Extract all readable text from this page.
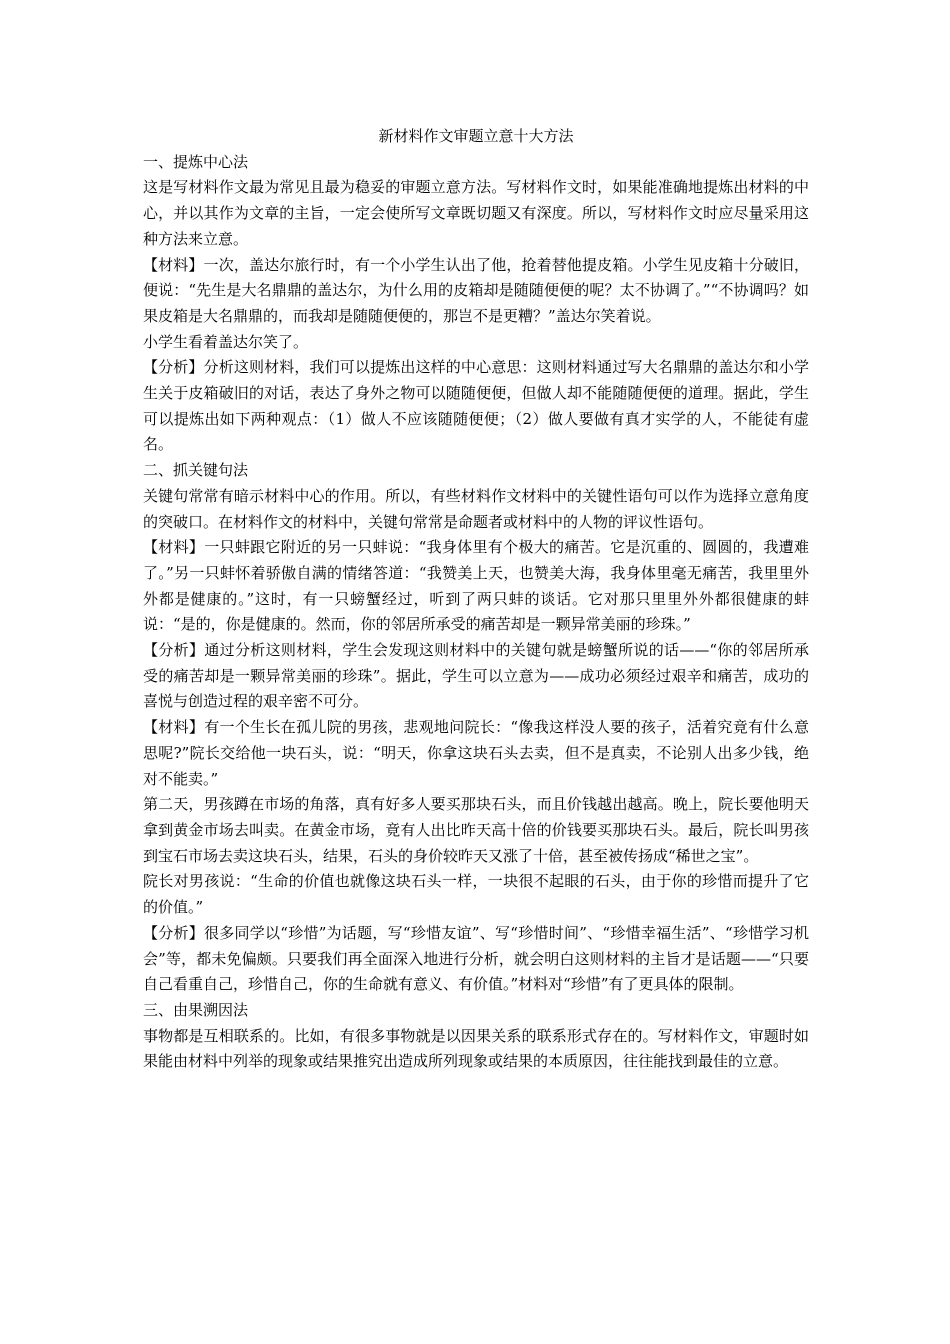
新材料作文审题立意十大方法
一、提炼中心法

这是写材料作文最为常见且最为稳妥的审题立意方法。写材料作文时，如果能准确地提炼出材料的中心，并以其作为文章的主旨，一定会使所写文章既切题又有深度。所以，写材料作文时应尽量采用这种方法来立意。

【材料】一次，盖达尔旅行时，有一个小学生认出了他，抢着替他提皮箱。小学生见皮箱十分破旧，便说：“先生是大名鼎鼎的盖达尔，为什么用的皮箱却是随随便便的呢？太不协调了。”“不协调吗？如果皮箱是大名鼎鼎的，而我却是随随便便的，那岂不是更糟？”盖达尔笑着说。

小学生看着盖达尔笑了。

【分析】分析这则材料，我们可以提炼出这样的中心意思：这则材料通过写大名鼎鼎的盖达尔和小学生关于皮箱破旧的对话，表达了身外之物可以随随便便，但做人却不能随随便便的道理。据此，学生可以提炼出如下两种观点：（1）做人不应该随随便便；（2）做人要做有真才实学的人，不能徒有虚名。

二、抓关键句法

关键句常常有暗示材料中心的作用。所以，有些材料作文材料中的关键性语句可以作为选择立意角度的突破口。在材料作文的材料中，关键句常常是命题者或材料中的人物的评议性语句。

【材料】一只蚌跟它附近的另一只蚌说：“我身体里有个极大的痛苦。它是沉重的、圆圆的，我遭难了。”另一只蚌怀着骄傲自满的情绪答道：“我赞美上天，也赞美大海，我身体里毫无痛苦，我里里外外都是健康的。”这时，有一只螃蟹经过，听到了两只蚌的谈话。它对那只里里外外都很健康的蚌说：“是的，你是健康的。然而，你的邻居所承受的痛苦却是一颗异常美丽的珍珠。”

【分析】通过分析这则材料，学生会发现这则材料中的关键句就是螃蟹所说的话——“你的邻居所承受的痛苦却是一颗异常美丽的珍珠”。据此，学生可以立意为——成功必须经过艰辛和痛苦，成功的喜悦与创造过程的艰辛密不可分。

【材料】有一个生长在孤儿院的男孩，悲观地问院长：“像我这样没人要的孩子，活着究竟有什么意思呢?”院长交给他一块石头，说：“明天，你拿这块石头去卖，但不是真卖，不论别人出多少钱，绝对不能卖。”

第二天，男孩蹲在市场的角落，真有好多人要买那块石头，而且价钱越出越高。晚上，院长要他明天拿到黄金市场去叫卖。在黄金市场，竟有人出比昨天高十倍的价钱要买那块石头。最后，院长叫男孩到宝石市场去卖这块石头，结果，石头的身价较昨天又涨了十倍，甚至被传扬成“稀世之宝”。

院长对男孩说：“生命的价值也就像这块石头一样，一块很不起眼的石头，由于你的珍惜而提升了它的价值。”

【分析】很多同学以“珍惜”为话题，写“珍惜友谊”、写“珍惜时间”、“珍惜幸福生活”、“珍惜学习机会”等，都未免偏颇。只要我们再全面深入地进行分析，就会明白这则材料的主旨才是话题——“只要自己看重自己，珍惜自己，你的生命就有意义、有价值。”材料对“珍惜”有了更具体的限制。

三、由果溯因法

事物都是互相联系的。比如，有很多事物就是以因果关系的联系形式存在的。写材料作文，审题时如果能由材料中列举的现象或结果推究出造成所列现象或结果的本质原因，往往能找到最佳的立意。
